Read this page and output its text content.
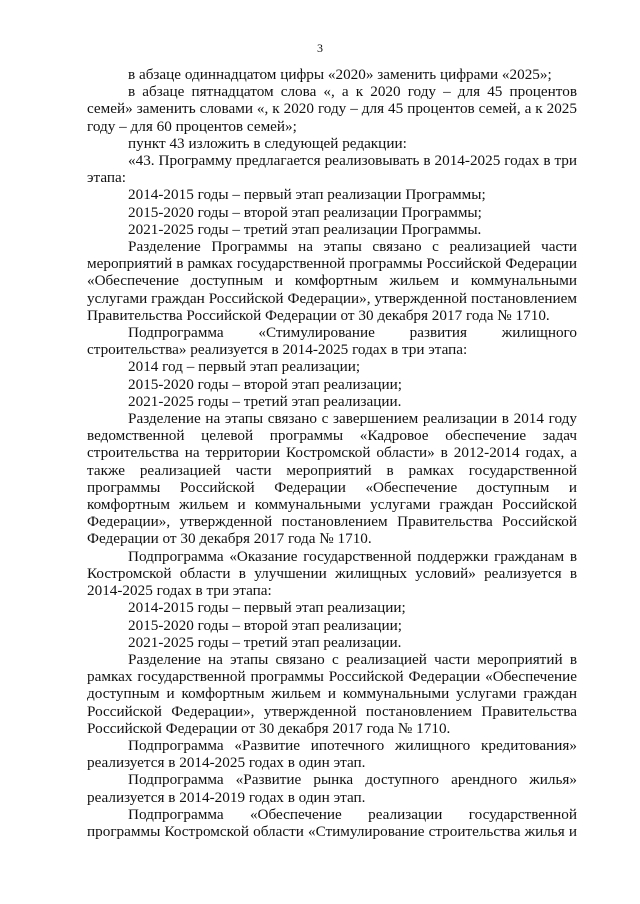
3

в абзаце одиннадцатом цифры «2020» заменить цифрами «2025»;

в абзаце пятнадцатом слова «, а к 2020 году – для 45 процентов семей» заменить словами «, к 2020 году – для 45 процентов семей, а к 2025 году – для 60 процентов семей»;

пункт 43 изложить в следующей редакции:

«43. Программу предлагается реализовывать в 2014-2025 годах в три этапа:

2014-2015 годы – первый этап реализации Программы;

2015-2020 годы – второй этап реализации Программы;

2021-2025 годы – третий этап реализации Программы.

Разделение Программы на этапы связано с реализацией части мероприятий в рамках государственной программы Российской Федерации «Обеспечение доступным и комфортным жильем и коммунальными услугами граждан Российской Федерации», утвержденной постановлением Правительства Российской Федерации от 30 декабря 2017 года № 1710.

Подпрограмма «Стимулирование развития жилищного строительства» реализуется в 2014-2025 годах в три этапа:

2014 год – первый этап реализации;

2015-2020 годы – второй этап реализации;

2021-2025 годы – третий этап реализации.

Разделение на этапы связано с завершением реализации в 2014 году ведомственной целевой программы «Кадровое обеспечение задач строительства на территории Костромской области» в 2012-2014 годах, а также реализацией части мероприятий в рамках государственной программы Российской Федерации «Обеспечение доступным и комфортным жильем и коммунальными услугами граждан Российской Федерации», утвержденной постановлением Правительства Российской Федерации от 30 декабря 2017 года № 1710.

Подпрограмма «Оказание государственной поддержки гражданам в Костромской области в улучшении жилищных условий» реализуется в 2014-2025 годах в три этапа:

2014-2015 годы – первый этап реализации;

2015-2020 годы – второй этап реализации;

2021-2025 годы – третий этап реализации.

Разделение на этапы связано с реализацией части мероприятий в рамках государственной программы Российской Федерации «Обеспечение доступным и комфортным жильем и коммунальными услугами граждан Российской Федерации», утвержденной постановлением Правительства Российской Федерации от 30 декабря 2017 года № 1710.

Подпрограмма «Развитие ипотечного жилищного кредитования» реализуется в 2014-2025 годах в один этап.

Подпрограмма «Развитие рынка доступного арендного жилья» реализуется в 2014-2019 годах в один этап.

Подпрограмма «Обеспечение реализации государственной программы Костромской области «Стимулирование строительства жилья и
